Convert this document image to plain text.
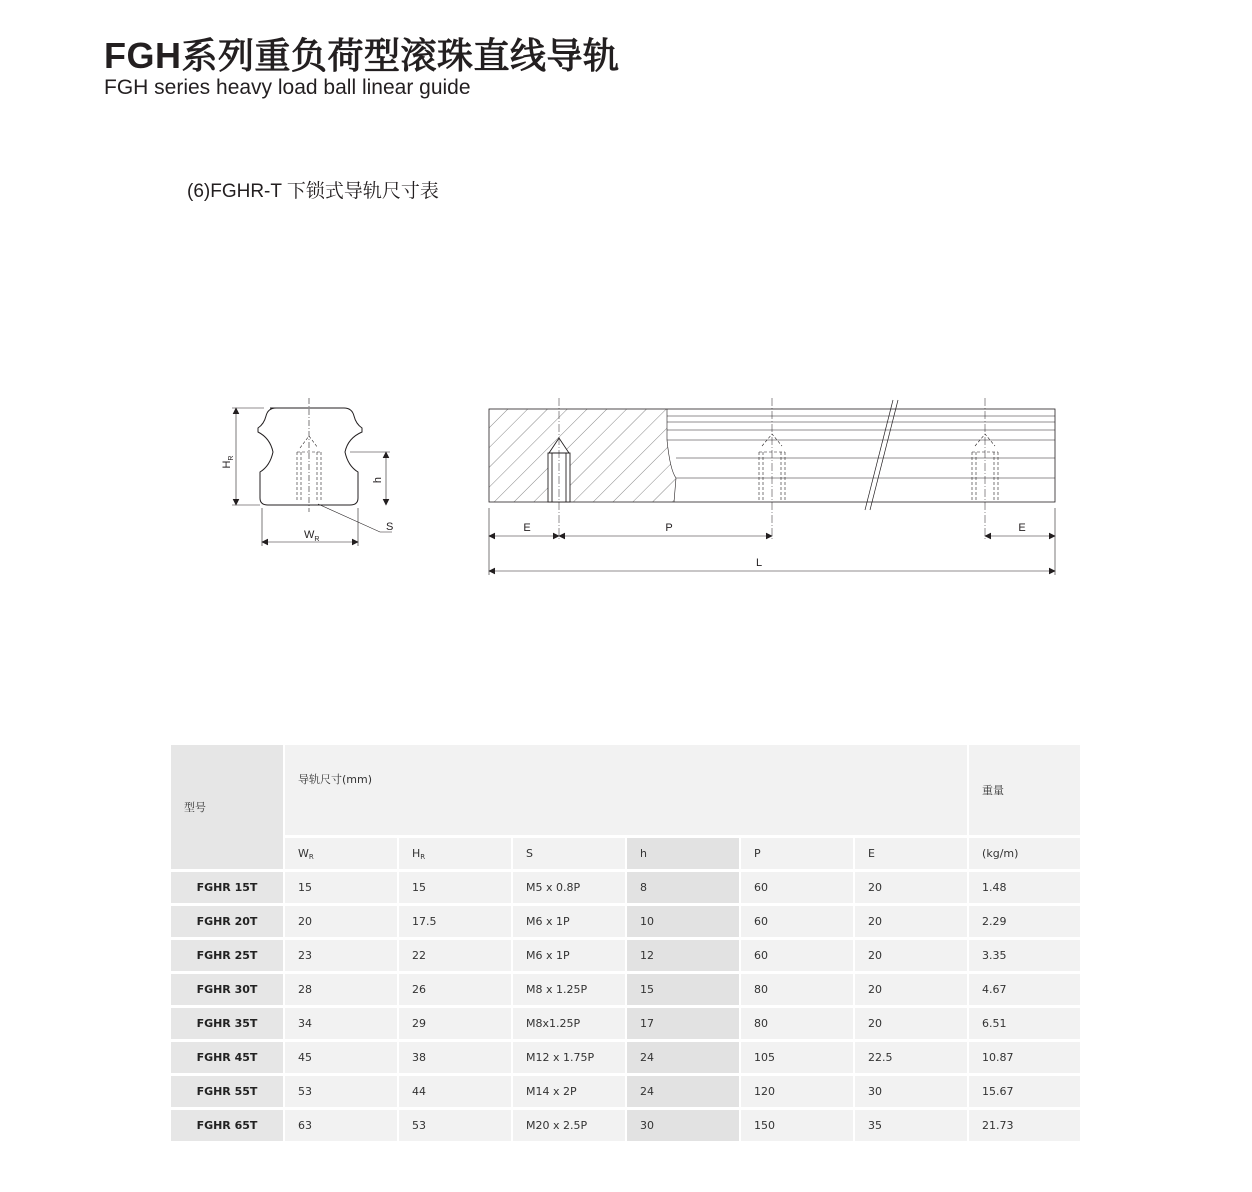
FGH系列重负荷型滚珠直线导轨
FGH series heavy load ball linear guide
(6)FGHR-T 下锁式导轨尺寸表
$H_R$
h
$W_R$
S	E	P	E
L
型号	导轨尺寸(mm)						重量
	$W_R$	$H_R$	S	h	P	E	(kg/m)
FGHR 15T	15	15	M5 x 0.8P	8	60	20	1.48
FGHR 20T	20	17.5	M6 x 1P	10	60	20	2.29
FGHR 25T	23	22	M6 x 1P	12	60	20	3.35
FGHR 30T	28	26	M8 x 1.25P	15	80	20	4.67
FGHR 35T	34	29	M8x1.25P	17	80	20	6.51
FGHR 45T	45	38	M12 x 1.75P	24	105	22.5	10.87
FGHR 55T	53	44	M14 x 2P	24	120	30	15.67
FGHR 65T	63	53	M20 x 2.5P	30	150	35	21.73
